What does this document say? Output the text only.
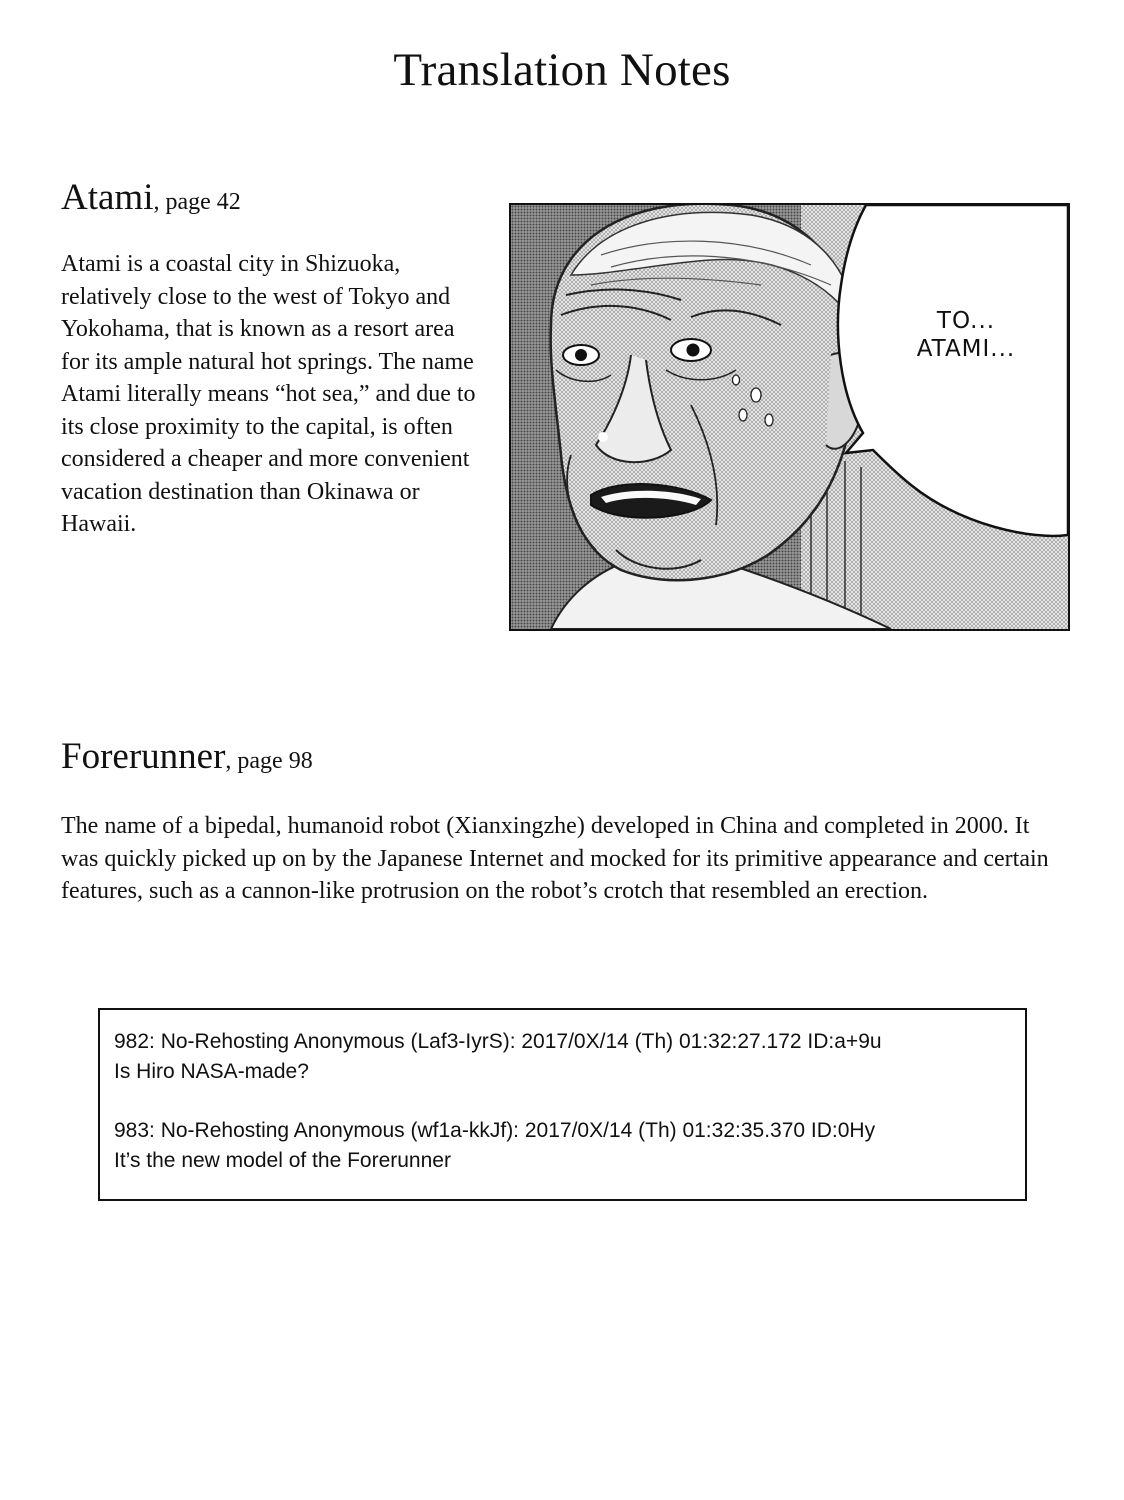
Translation Notes
Atami, page 42

Atami is a coastal city in Shizuoka, relatively close to the west of Tokyo and Yokohama, that is known as a resort area for its ample natural hot springs. The name Atami literally means “hot sea,” and due to its close proximity to the capital, is often considered a cheaper and more convenient vacation destination than Okinawa or Hawaii.

TO...
ATAMI...
Forerunner, page 98

The name of a bipedal, humanoid robot (Xianxingzhe) developed in China and completed in 2000. It was quickly picked up on by the Japanese Internet and mocked for its primitive appearance and certain features, such as a cannon-like protrusion on the robot’s crotch that resembled an erection.

982: No-Rehosting Anonymous (Laf3-IyrS): 2017/0X/14 (Th) 01:32:27.172 ID:a+9u
Is Hiro NASA-made?
983: No-Rehosting Anonymous (wf1a-kkJf): 2017/0X/14 (Th) 01:32:35.370 ID:0Hy
It’s the new model of the Forerunner
